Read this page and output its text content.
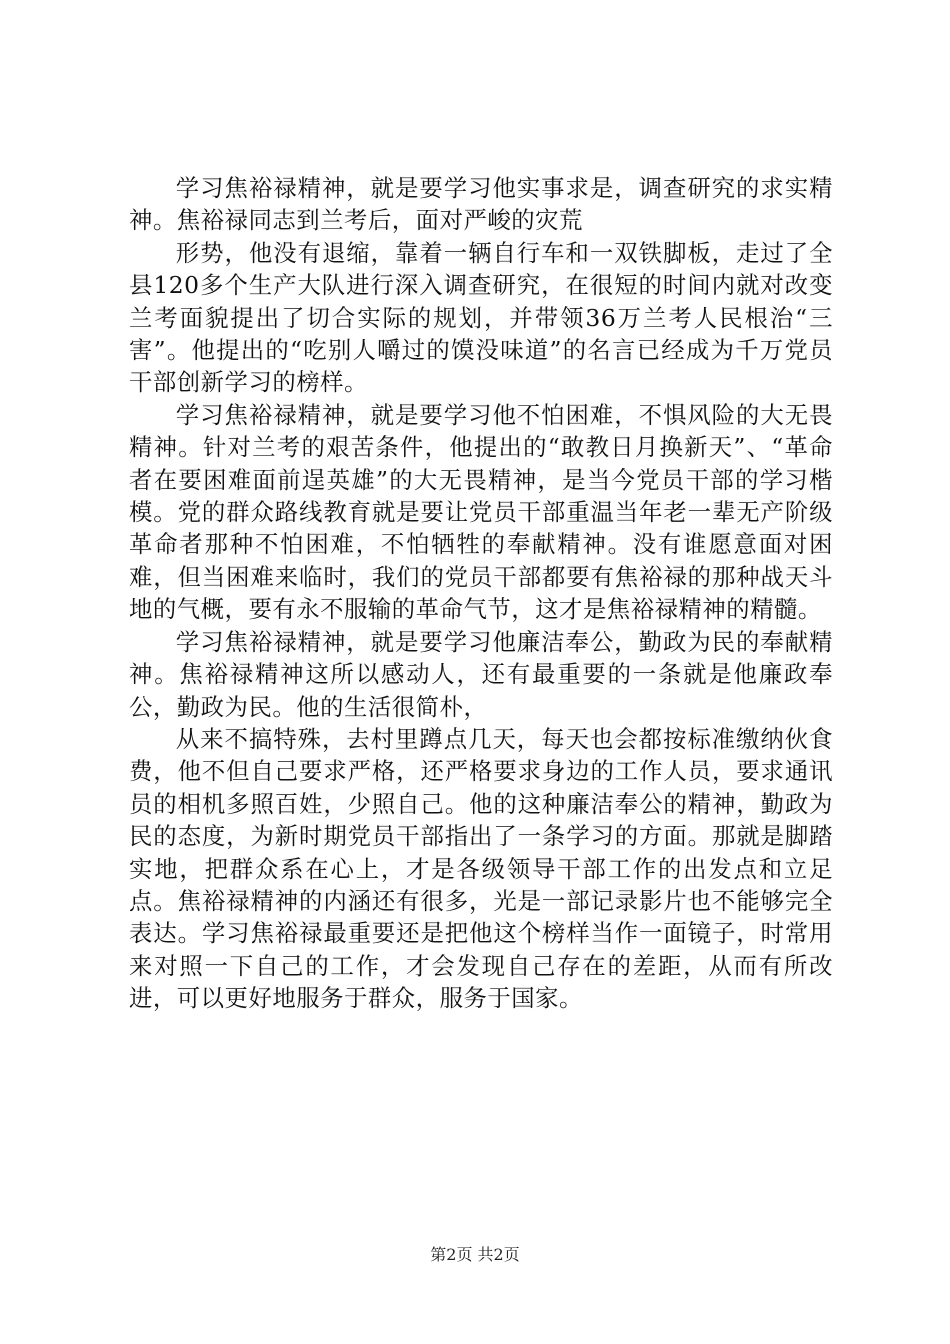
学习焦裕禄精神，就是要学习他实事求是，调查研究的求实精神。焦裕禄同志到兰考后，面对严峻的灾荒

形势，他没有退缩，靠着一辆自行车和一双铁脚板，走过了全县120多个生产大队进行深入调查研究，在很短的时间内就对改变兰考面貌提出了切合实际的规划，并带领36万兰考人民根治“三害”。他提出的“吃别人嚼过的馍没味道”的名言已经成为千万党员干部创新学习的榜样。

学习焦裕禄精神，就是要学习他不怕困难，不惧风险的大无畏精神。针对兰考的艰苦条件，他提出的“敢教日月换新天”、“革命者在要困难面前逞英雄”的大无畏精神，是当今党员干部的学习楷模。党的群众路线教育就是要让党员干部重温当年老一辈无产阶级革命者那种不怕困难，不怕牺牲的奉献精神。没有谁愿意面对困难，但当困难来临时，我们的党员干部都要有焦裕禄的那种战天斗地的气概，要有永不服输的革命气节，这才是焦裕禄精神的精髓。

学习焦裕禄精神，就是要学习他廉洁奉公，勤政为民的奉献精神。焦裕禄精神这所以感动人，还有最重要的一条就是他廉政奉公，勤政为民。他的生活很简朴，

从来不搞特殊，去村里蹲点几天，每天也会都按标准缴纳伙食费，他不但自己要求严格，还严格要求身边的工作人员，要求通讯员的相机多照百姓，少照自己。他的这种廉洁奉公的精神，勤政为民的态度，为新时期党员干部指出了一条学习的方面。那就是脚踏实地，把群众系在心上，才是各级领导干部工作的出发点和立足点。焦裕禄精神的内涵还有很多，光是一部记录影片也不能够完全表达。学习焦裕禄最重要还是把他这个榜样当作一面镜子，时常用来对照一下自己的工作，才会发现自己存在的差距，从而有所改进，可以更好地服务于群众，服务于国家。

第2页 共2页
